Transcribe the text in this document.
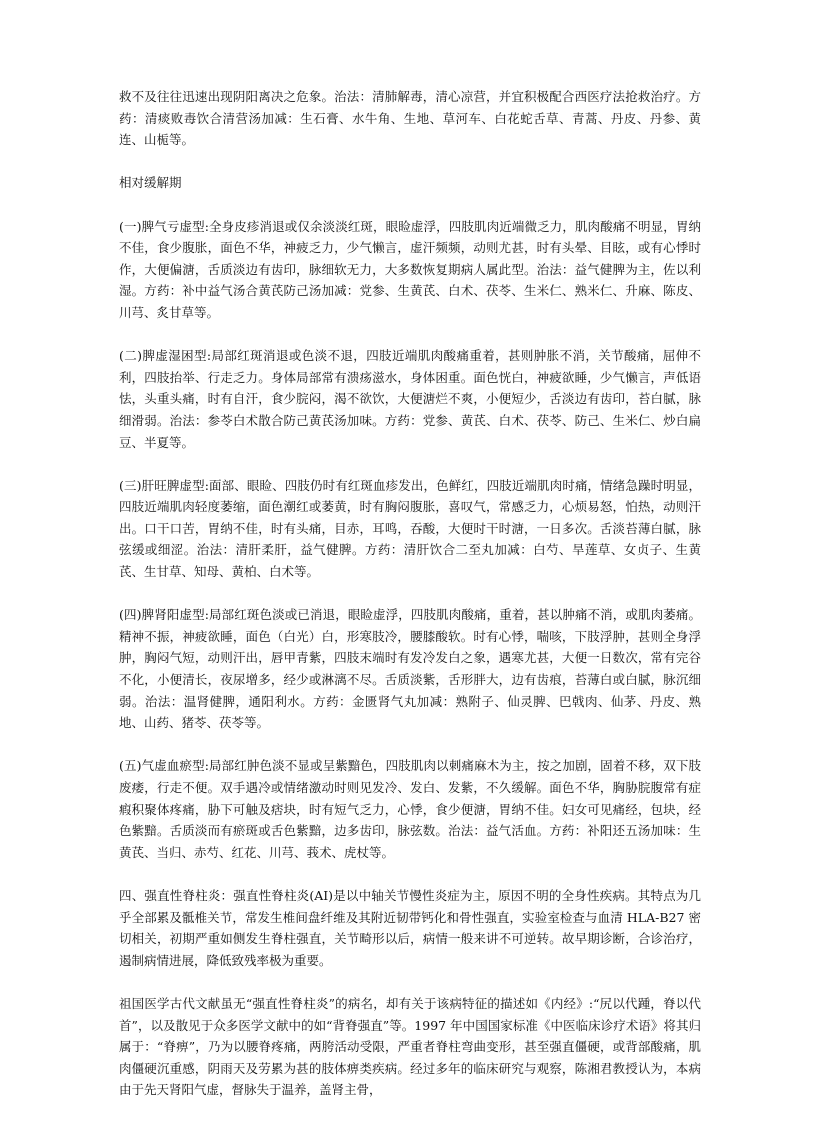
救不及往往迅速出现阴阳离决之危象。治法：清肺解毒，清心凉营，并宜积极配合西医疗法抢救治疗。方药：清痰败毒饮合清营汤加减：生石膏、水牛角、生地、草河车、白花蛇舌草、青蒿、丹皮、丹参、黄连、山栀等。

相对缓解期

(一)脾气亏虚型:全身皮疹消退或仅余淡淡红斑，眼睑虚浮，四肢肌肉近端微乏力，肌肉酸痛不明显，胃纳不佳，食少腹胀，面色不华，神疲乏力，少气懒言，虚汗频频，动则尤甚，时有头晕、目眩，或有心悸时作，大便偏溏，舌质淡边有齿印，脉细软无力，大多数恢复期病人属此型。治法：益气健脾为主，佐以利湿。方药：补中益气汤合黄芪防己汤加减：党参、生黄芪、白术、茯苓、生米仁、熟米仁、升麻、陈皮、川芎、炙甘草等。

(二)脾虚湿困型:局部红斑消退或色淡不退，四肢近端肌肉酸痛重着，甚则肿胀不消，关节酸痛，屈伸不利，四肢抬举、行走乏力。身体局部常有溃疡滋水，身体困重。面色恍白，神疲欲睡，少气懒言，声低语怯，头重头痛，时有自汗，食少脘闷，渴不欲饮，大便溏烂不爽，小便短少，舌淡边有齿印，苔白腻，脉细滑弱。治法：参苓白术散合防己黄芪汤加味。方药：党参、黄芪、白术、茯苓、防己、生米仁、炒白扁豆、半夏等。

(三)肝旺脾虚型:面部、眼睑、四肢仍时有红斑血疹发出，色鲜红，四肢近端肌肉时痛，情绪急躁时明显，四肢近端肌肉轻度萎缩，面色潮红或萎黄，时有胸闷腹胀，喜叹气，常感乏力，心烦易怒，怕热，动则汗出。口干口苦，胃纳不佳，时有头痛，目赤，耳鸣，吞酸，大便时干时溏，一日多次。舌淡苔薄白腻，脉弦缓或细涩。治法：清肝柔肝，益气健脾。方药：清肝饮合二至丸加减：白芍、旱莲草、女贞子、生黄芪、生甘草、知母、黄柏、白术等。

(四)脾肾阳虚型:局部红斑色淡或已消退，眼睑虚浮，四肢肌肉酸痛，重着，甚以肿痛不消，或肌肉萎痛。精神不振，神疲欲睡，面色（白光）白，形寒肢冷，腰膝酸软。时有心悸，喘咳，下肢浮肿，甚则全身浮肿，胸闷气短，动则汗出，唇甲青紫，四肢末端时有发冷发白之象，遇寒尤甚，大便一日数次，常有完谷不化，小便清长，夜尿增多，经少或淋漓不尽。舌质淡紫，舌形胖大，边有齿痕，苔薄白或白腻，脉沉细弱。治法：温肾健脾，通阳利水。方药：金匮肾气丸加减：熟附子、仙灵脾、巴戟肉、仙茅、丹皮、熟地、山药、猪苓、茯苓等。

(五)气虚血瘀型:局部红肿色淡不显或呈紫黯色，四肢肌肉以刺痛麻木为主，按之加剧，固着不移，双下肢废痿，行走不便。双手遇冷或情绪激动时则见发冷、发白、发紫，不久缓解。面色不华，胸胁脘腹常有症瘕积聚体疼痛，胁下可触及痞块，时有短气乏力，心悸，食少便溏，胃纳不佳。妇女可见痛经，包块，经色紫黯。舌质淡而有瘀斑或舌色紫黯，边多齿印，脉弦数。治法：益气活血。方药：补阳还五汤加味：生黄芪、当归、赤芍、红花、川芎、莪术、虎杖等。

四、强直性脊柱炎：强直性脊柱炎(AI)是以中轴关节慢性炎症为主，原因不明的全身性疾病。其特点为几乎全部累及骶椎关节，常发生椎间盘纤维及其附近韧带钙化和骨性强直，实验室检查与血清 HLA-B27 密切相关，初期严重如侧发生脊柱强直，关节畸形以后，病情一般来讲不可逆转。故早期诊断，合诊治疗，遏制病情进展，降低致残率极为重要。

祖国医学古代文献虽无“强直性脊柱炎”的病名，却有关于该病特征的描述如《内经》:“尻以代踵，脊以代首”，以及散见于众多医学文献中的如“背脊强直”等。1997 年中国国家标准《中医临床诊疗术语》将其归属于：“脊痹”，乃为以腰脊疼痛，两胯活动受限，严重者脊柱弯曲变形，甚至强直僵硬，或背部酸痛，肌肉僵硬沉重感，阴雨天及劳累为甚的肢体痹类疾病。经过多年的临床研究与观察，陈湘君教授认为，本病由于先天肾阳气虚，督脉失于温养，盖肾主骨，
